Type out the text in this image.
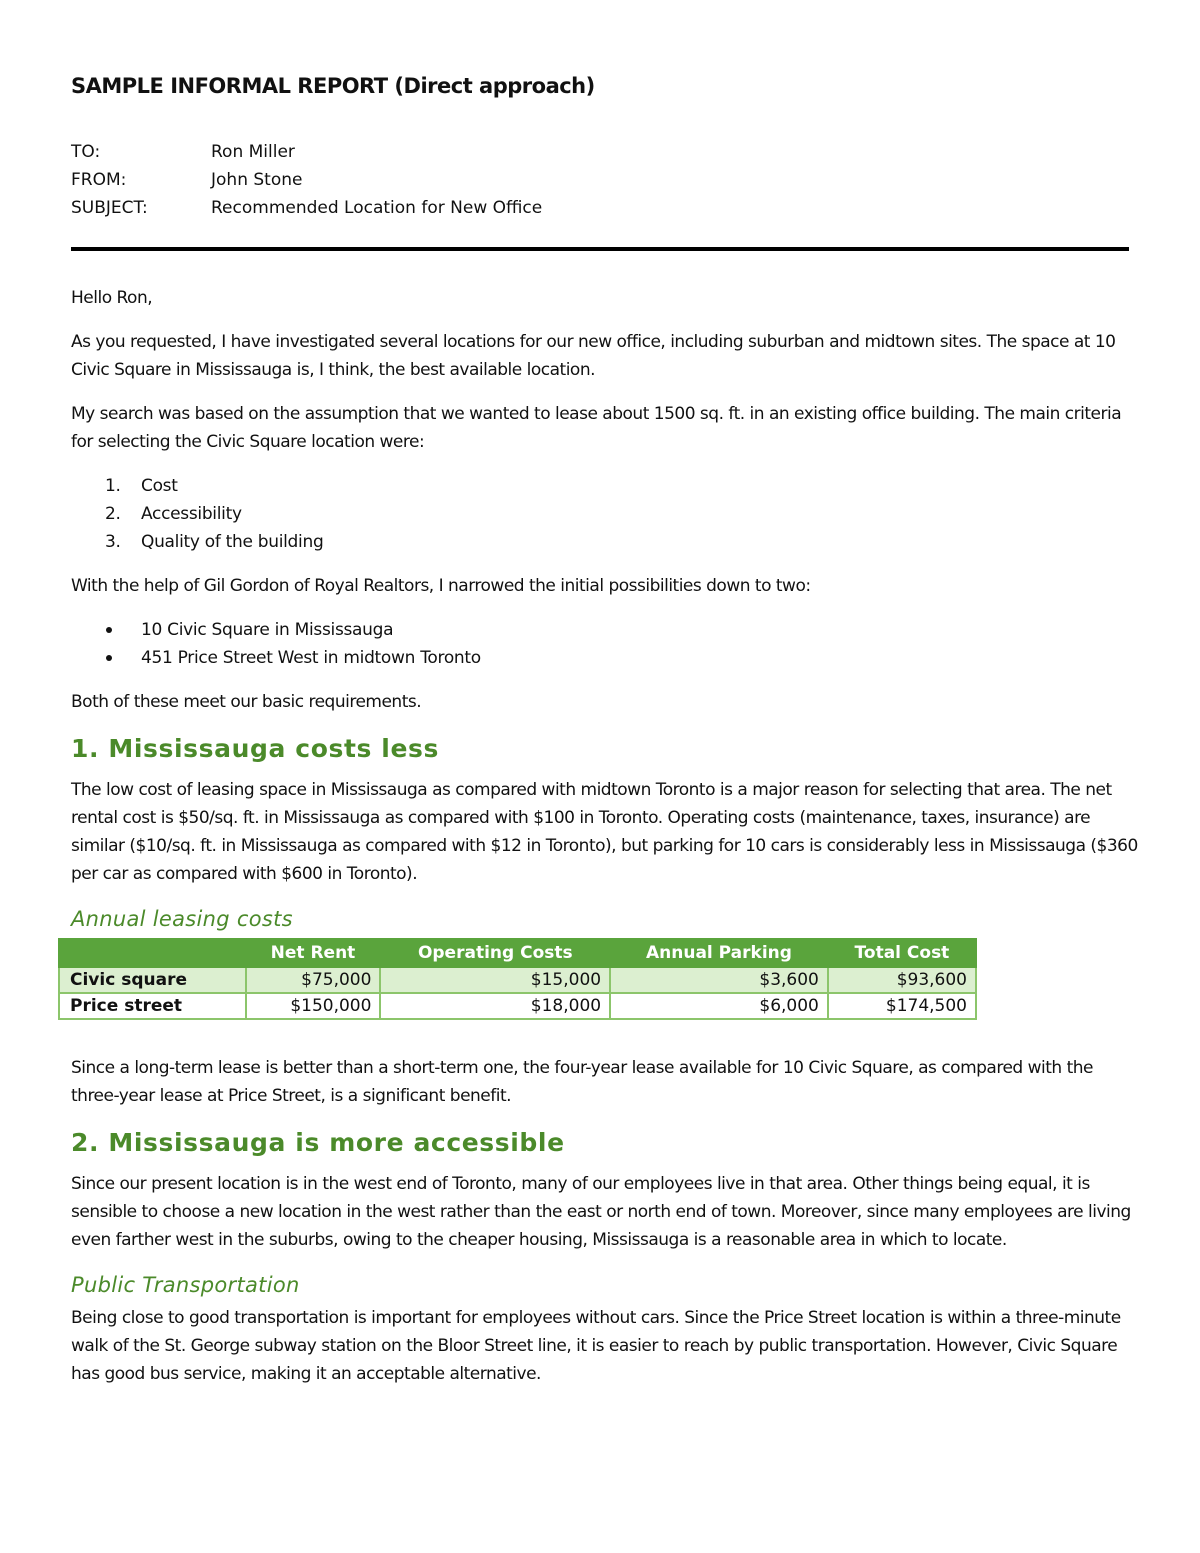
SAMPLE INFORMAL REPORT (Direct approach)
TO:	Ron Miller
FROM:	John Stone
SUBJECT:	Recommended Location for New Office

Hello Ron,

As you requested, I have investigated several locations for our new office, including suburban and midtown sites. The space at 10 Civic Square in Mississauga is, I think, the best available location.

My search was based on the assumption that we wanted to lease about 1500 sq. ft. in an existing office building. The main criteria for selecting the Civic Square location were:

1. Cost
2. Accessibility
3. Quality of the building

With the help of Gil Gordon of Royal Realtors, I narrowed the initial possibilities down to two:

10 Civic Square in Mississauga
451 Price Street West in midtown Toronto

Both of these meet our basic requirements.

1. Mississauga costs less

The low cost of leasing space in Mississauga as compared with midtown Toronto is a major reason for selecting that area. The net rental cost is $50/sq. ft. in Mississauga as compared with $100 in Toronto. Operating costs (maintenance, taxes, insurance) are similar ($10/sq. ft. in Mississauga as compared with $12 in Toronto), but parking for 10 cars is considerably less in Mississauga ($360 per car as compared with $600 in Toronto).

Annual leasing costs
	Net Rent	Operating Costs	Annual Parking	Total Cost
Civic square	$75,000	$15,000	$3,600	$93,600
Price street	$150,000	$18,000	$6,000	$174,500

Since a long-term lease is better than a short-term one, the four-year lease available for 10 Civic Square, as compared with the three-year lease at Price Street, is a significant benefit.

2. Mississauga is more accessible

Since our present location is in the west end of Toronto, many of our employees live in that area. Other things being equal, it is sensible to choose a new location in the west rather than the east or north end of town. Moreover, since many employees are living even farther west in the suburbs, owing to the cheaper housing, Mississauga is a reasonable area in which to locate.

Public Transportation

Being close to good transportation is important for employees without cars. Since the Price Street location is within a three-minute walk of the St. George subway station on the Bloor Street line, it is easier to reach by public transportation. However, Civic Square has good bus service, making it an acceptable alternative.
